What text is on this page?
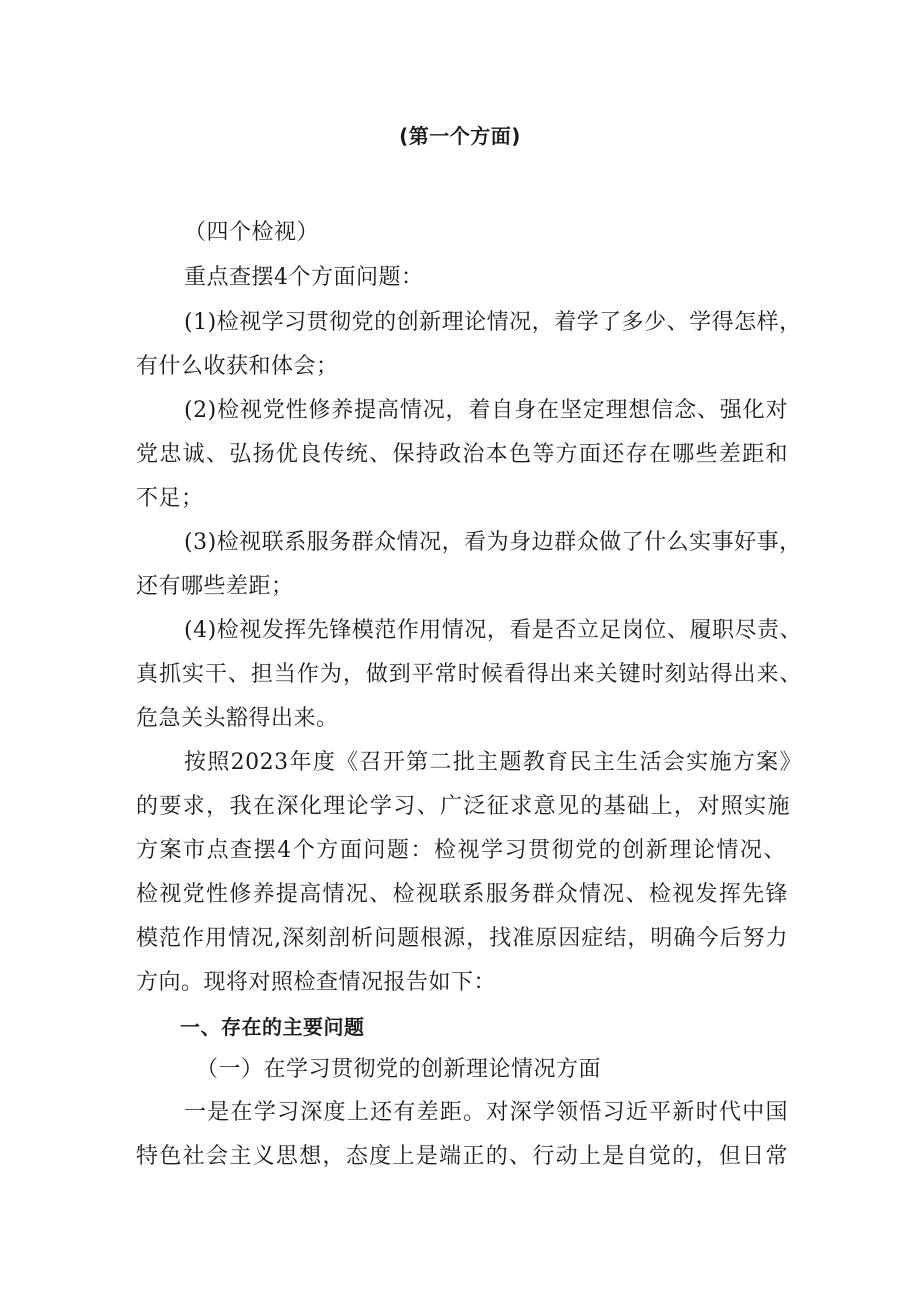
(第一个方面)
（四个检视）
重点查摆4个方面问题：
(1)检视学习贯彻党的创新理论情况，着学了多少、学得怎样，
有什么收获和体会；
(2)检视党性修养提高情况，着自身在坚定理想信念、强化对
党忠诚、弘扬优良传统、保持政治本色等方面还存在哪些差距和
不足；
(3)检视联系服务群众情况，看为身边群众做了什么实事好事，
还有哪些差距；
(4)检视发挥先锋模范作用情况，看是否立足岗位、履职尽责、
真抓实干、担当作为，做到平常时候看得出来关键时刻站得出来、
危急关头豁得出来。
按照2023年度《召开第二批主题教育民主生活会实施方案》
的要求，我在深化理论学习、广泛征求意见的基础上，对照实施
方案市点查摆4个方面问题：检视学习贯彻党的创新理论情况、
检视党性修养提高情况、检视联系服务群众情况、检视发挥先锋
模范作用情况,深刻剖析问题根源，找准原因症结，明确今后努力
方向。现将对照检查情况报告如下：
一、存在的主要问题
（一）在学习贯彻党的创新理论情况方面
一是在学习深度上还有差距。对深学领悟习近平新时代中国
特色社会主义思想，态度上是端正的、行动上是自觉的，但日常
